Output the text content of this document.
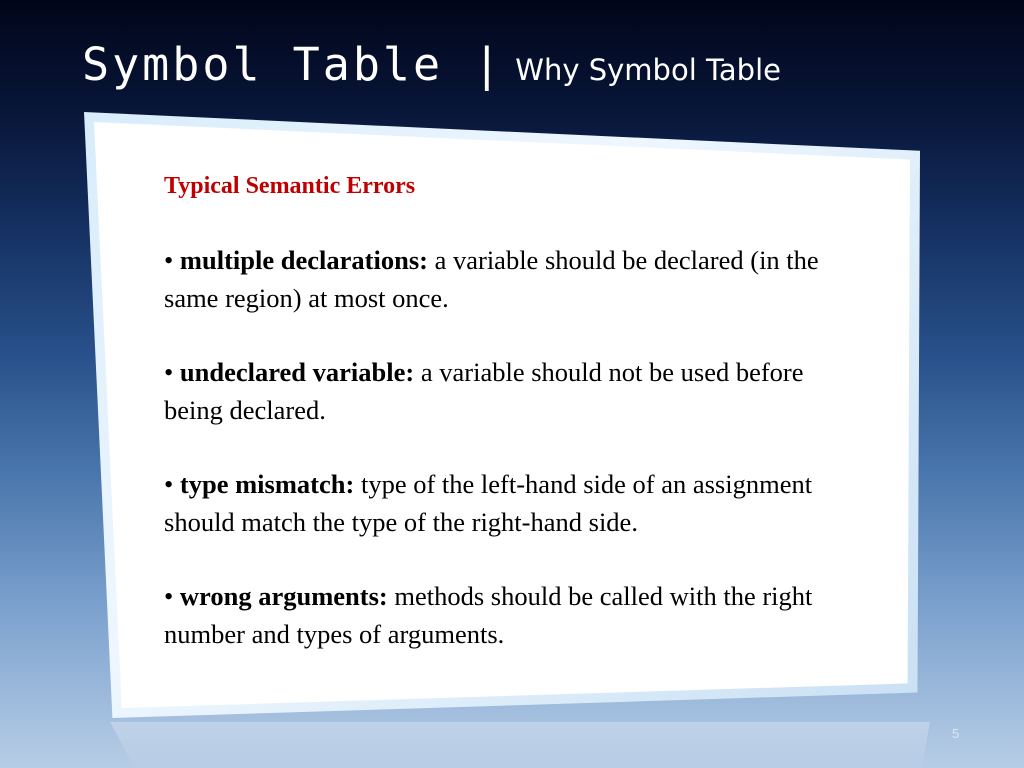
Symbol Table | Why Symbol Table

Typical Semantic Errors

• multiple declarations: a variable should be declared (in the same region) at most once.

• undeclared variable: a variable should not be used before being declared.

• type mismatch: type of the left-hand side of an assignment should match the type of the right-hand side.

• wrong arguments: methods should be called with the right number and types of arguments.

5
